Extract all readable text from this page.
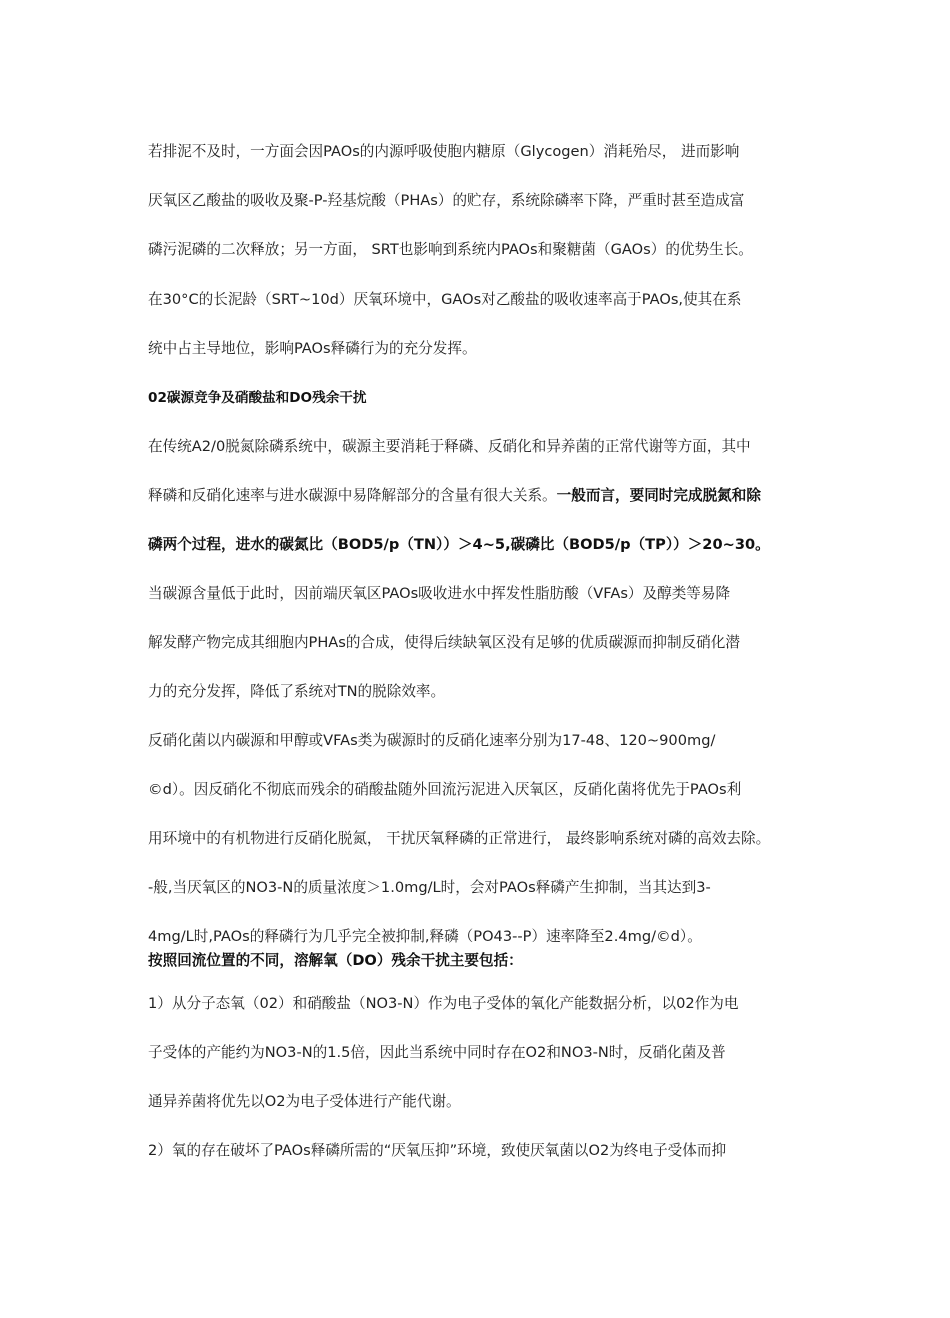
若排泥不及时，一方面会因PAOs的内源呼吸使胞内糖原（Glycogen）消耗殆尽， 进而影响
厌氧区乙酸盐的吸收及聚-P-羟基烷酸（PHAs）的贮存，系统除磷率下降，严重时甚至造成富
磷污泥磷的二次释放；另一方面， SRT也影响到系统内PAOs和聚糖菌（GAOs）的优势生长。
在30°C的长泥龄（SRT~10d）厌氧环境中，GAOs对乙酸盐的吸收速率高于PAOs,使其在系
统中占主导地位，影响PAOs释磷行为的充分发挥。
02碳源竞争及硝酸盐和DO残余干扰
在传统A2/0脱氮除磷系统中，碳源主要消耗于释磷、反硝化和异养菌的正常代谢等方面，其中
释磷和反硝化速率与进水碳源中易降解部分的含量有很大关系。一般而言，要同时完成脱氮和除
磷两个过程，进水的碳氮比（BOD5/p（TN））＞4~5,碳磷比（BOD5/p（TP））＞20~30。
当碳源含量低于此时，因前端厌氧区PAOs吸收进水中挥发性脂肪酸（VFAs）及醇类等易降
解发酵产物完成其细胞内PHAs的合成，使得后续缺氧区没有足够的优质碳源而抑制反硝化潜
力的充分发挥，降低了系统对TN的脱除效率。
反硝化菌以内碳源和甲醇或VFAs类为碳源时的反硝化速率分别为17-48、120~900mg/
©d）。因反硝化不彻底而残余的硝酸盐随外回流污泥进入厌氧区，反硝化菌将优先于PAOs利
用环境中的有机物进行反硝化脱氮， 干扰厌氧释磷的正常进行， 最终影响系统对磷的高效去除。
-般,当厌氧区的NO3-N的质量浓度＞1.0mg/L时，会对PAOs释磷产生抑制，当其达到3-
4mg/L时,PAOs的释磷行为几乎完全被抑制,释磷（PO43--P）速率降至2.4mg/©d）。
按照回流位置的不同，溶解氧（DO）残余干扰主要包括：
1）从分子态氧（02）和硝酸盐（NO3-N）作为电子受体的氧化产能数据分析，以02作为电
子受体的产能约为NO3-N的1.5倍，因此当系统中同时存在O2和NO3-N时，反硝化菌及普
通异养菌将优先以O2为电子受体进行产能代谢。
2）氧的存在破坏了PAOs释磷所需的“厌氧压抑”环境，致使厌氧菌以O2为终电子受体而抑
